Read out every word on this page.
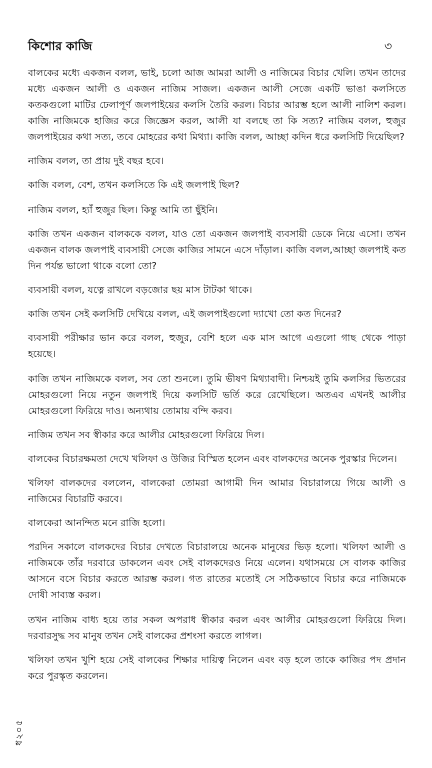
কিশোর কাজি	৩

বালকের মধ্যে একজন বলল, ভাই, চলো আজ আমরা আলী ও নাজিমের বিচার খেলি। তখন তাদের মধ্যে একজন আলী ও একজন নাজিম সাজল। একজন আলী সেজে একটি ভাঙা কলসিতে কতকগুলো মাটির ঢেলাপূর্ণ জলপাইয়ের কলসি তৈরি করল। বিচার আরম্ভ হলে আলী নালিশ করল। কাজি নাজিমকে হাজির করে জিজ্ঞেস করল, আলী যা বলছে তা কি সত্য? নাজিম বলল, হুজুর জলপাইয়ের কথা সত্য, তবে মোহরের কথা মিথ্যা। কাজি বলল, আচ্ছা কদিন ধরে কলসিটি দিয়েছিল?

নাজিম বলল, তা প্রায় দুই বছর হবে।

কাজি বলল, বেশ, তখন কলসিতে কি এই জলপাই ছিল?

নাজিম বলল, হ্যাঁ হুজুর ছিল। কিন্তু আমি তা ছুঁইনি।

কাজি তখন একজন বালককে বলল, যাও তো একজন জলপাই ব্যবসায়ী ডেকে নিয়ে এসো। তখন একজন বালক জলপাই ব্যবসায়ী সেজে কাজির সামনে এসে দাঁড়াল। কাজি বলল,আচ্ছা জলপাই কত দিন পর্যন্ত ভালো থাকে বলো তো?

ব্যবসায়ী বলল, যত্নে রাখলে বড়জোর ছয় মাস টাটকা থাকে।

কাজি তখন সেই কলসিটি দেখিয়ে বলল, এই জলপাইগুলো দ্যাখো তো কত দিনের?

ব্যবসায়ী পরীক্ষার ভান করে বলল, হুজুর, বেশি হলে এক মাস আগে এগুলো গাছ থেকে পাড়া হয়েছে।

কাজি তখন নাজিমকে বলল, সব তো শুনলে। তুমি ভীষণ মিথ্যাবাদী। নিশ্চয়ই তুমি কলসির ভিতরের মোহরগুলো নিয়ে নতুন জলপাই দিয়ে কলসিটি ভর্তি করে রেখেছিলে। অতএব এখনই আলীর মোহরগুলো ফিরিয়ে দাও। অন্যথায় তোমায় বন্দি করব।

নাজিম তখন সব স্বীকার করে আলীর মোহরগুলো ফিরিয়ে দিল।

বালকের বিচারক্ষমতা দেখে খলিফা ও উজির বিস্মিত হলেন এবং বালকদের অনেক পুরস্কার দিলেন।

খলিফা বালকদের বললেন, বালকেরা তোমরা আগামী দিন আমার বিচারালয়ে গিয়ে আলী ও নাজিমের বিচারটি করবে।

বালকেরা আনন্দিত মনে রাজি হলো।

পরদিন সকালে বালকদের বিচার দেখতে বিচারালয়ে অনেক মানুষের ভিড় হলো। খলিফা আলী ও নাজিমকে তাঁর দরবারে ডাকলেন এবং সেই বালকদেরও নিয়ে এলেন। যথাসময়ে সে বালক কাজির আসনে বসে বিচার করতে আরম্ভ করল। গত রাতের মতোই সে সঠিকভাবে বিচার করে নাজিমকে দোষী সাব্যস্ত করল।

তখন নাজিম বাধ্য হয়ে তার সকল অপরাধ স্বীকার করল এবং আলীর মোহরগুলো ফিরিয়ে দিল। দরবারসুদ্ধ সব মানুষ তখন সেই বালকের প্রশংসা করতে লাগল।

খলিফা তখন খুশি হয়ে সেই বালকের শিক্ষার দায়িত্ব নিলেন এবং বড় হলে তাকে কাজির পদ প্রদান করে পুরস্কৃত করলেন।

ধ২০৫
